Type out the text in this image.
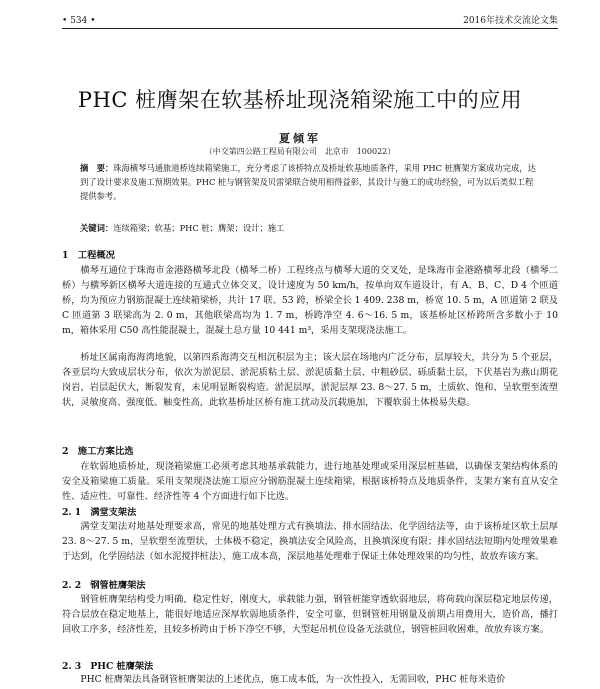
• 534 •	2016年技术交流论文集
PHC 桩膺架在软基桥址现浇箱梁施工中的应用
夏倾军
（中交第四公路工程局有限公司　北京市　100022）
摘　要：珠海横琴马通旅道桥连续箱梁施工，充分考虑了该桥特点及桥址软基地质条件，采用 PHC 桩膺架方案成功完成，达到了设计要求及施工预期效果。PHC 桩与钢管架及贝雷梁联合使用相得益彰，其设计与施工的成功经验，可为以后类似工程提供参考。
关键词：连续箱梁；软基；PHC 桩；膺架；设计；施工
1　工程概况
横琴互通位于珠海市金港路横琴北段（横琴二桥）工程终点与横琴大道的交叉处，是珠海市金港路横琴北段（横琴二桥）与横琴新区横琴大道连接的互通式立体交叉，设计速度为 50 km/h，按单向双车道设计，有 A、B、C、D 4 个匝道桥，均为预应力钢筋混凝土连续箱梁桥，共计 17 联、53 跨，桥梁全长 1 409. 238 m，桥宽 10. 5 m，A 匝道第 2 联及 C 匝道第 3 联梁高为 2. 0 m，其他联梁高均为 1. 7 m，桥跨净空 4. 6～16. 5 m，该基桥址区桥跨所含多数小于 10 m，箱体采用 C50 高性能混凝土，混凝土总方量 10 441 m³，采用支架现浇法施工。
桥址区属南海海湾地貌，以第四系海湾交互相沉积层为主；该大层在场地内广泛分布，层厚较大，共分为 5 个亚层，各亚层均大致成层状分布，依次为淤泥层、淤泥质粘土层、淤泥质黏土层、中粗砂层、砾质黏土层，下伏基岩为燕山期花岗岩，岩层起伏大，断裂发育，未见明显断裂构造。淤泥层厚，淤泥层厚 23. 8～27. 5 m，土质软、饱和、呈软塑至流塑状，灵敏度高、强度低、触变性高，此软基桥址区桥有施工扰动及沉载施加，下覆软弱土体极易失稳。
2　施工方案比选
在软弱地质桥址，现浇箱梁施工必须考虑其地基承载能力，进行地基处理或采用深层桩基础，以确保支架结构体系的安全及箱梁施工质量。采用支架现浇法施工原应分钢筋混凝土连续箱梁，根据该桥特点及地质条件，支架方案有直从安全性、适应性、可靠性、经济性等 4 个方面进行如下比选。
2. 1　满堂支架法
满堂支架法对地基处理要求高，常见的地基处理方式有换填法、排水固结法、化学固结法等，由于该桥址区软土层厚 23. 8～27. 5 m，呈软塑至流塑状，土体极不稳定，换填法安全风险高，且换填深度有限；排水固结法短期内处理效果难于达到，化学固结法（如水泥搅拌桩法），施工成本高，深层地基处理难于保证土体处理效果的均匀性，故放弃该方案。
2. 2　钢管桩膺架法
钢管桩膺架结构受力明确，稳定性好，刚度大，承载能力强，钢管桩能穿透软弱地层，将荷载向深层稳定地层传递，符合层放在稳定地基上，能很好地适应深厚软弱地质条件，安全可靠，但钢管桩用钢量及前期占用费用大，造价高，播打回收工序多，经济性差，且较多桥跨由于桥下净空不够，大型起吊机位设备无法就位，钢管桩回收困难，故放弃该方案。
2. 3　PHC 桩膺架法
PHC 桩膺架法具备钢管桩膺架法的上述优点，施工成本低，为一次性投入，无需回收，PHC 桩每米造价
